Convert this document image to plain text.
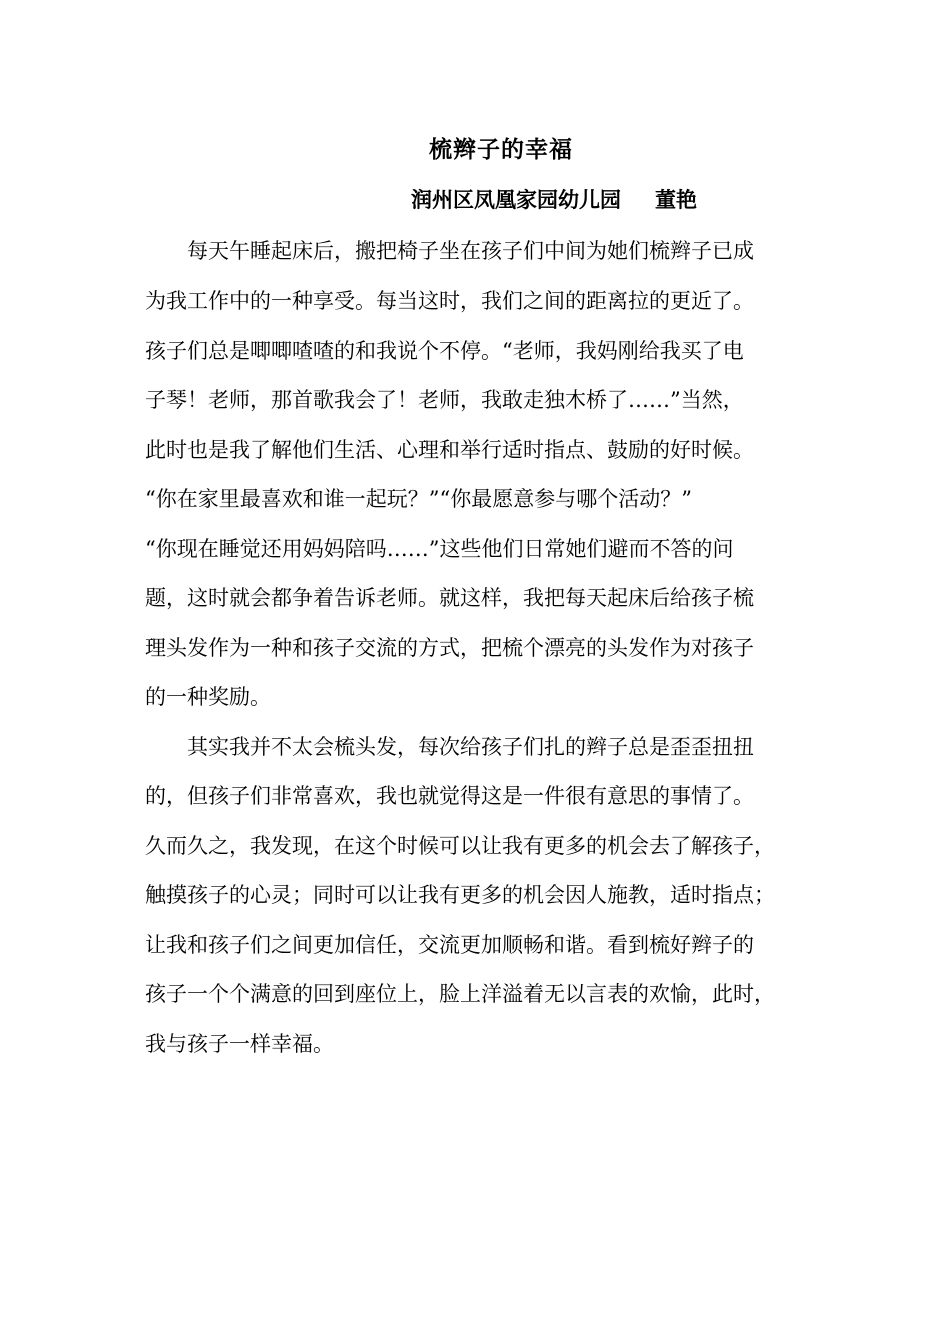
梳辫子的幸福
润州区凤凰家园幼儿园 董艳
每天午睡起床后，搬把椅子坐在孩子们中间为她们梳辫子已成
为我工作中的一种享受。每当这时，我们之间的距离拉的更近了。
孩子们总是唧唧喳喳的和我说个不停。“老师，我妈刚给我买了电
子琴！老师，那首歌我会了！老师，我敢走独木桥了……”当然，
此时也是我了解他们生活、心理和举行适时指点、鼓励的好时候。
“你在家里最喜欢和谁一起玩？”“你最愿意参与哪个活动？”
“你现在睡觉还用妈妈陪吗……”这些他们日常她们避而不答的问
题，这时就会都争着告诉老师。就这样，我把每天起床后给孩子梳
理头发作为一种和孩子交流的方式，把梳个漂亮的头发作为对孩子
的一种奖励。
其实我并不太会梳头发，每次给孩子们扎的辫子总是歪歪扭扭
的，但孩子们非常喜欢，我也就觉得这是一件很有意思的事情了。
久而久之，我发现，在这个时候可以让我有更多的机会去了解孩子，
触摸孩子的心灵；同时可以让我有更多的机会因人施教，适时指点；
让我和孩子们之间更加信任，交流更加顺畅和谐。看到梳好辫子的
孩子一个个满意的回到座位上，脸上洋溢着无以言表的欢愉，此时，
我与孩子一样幸福。
